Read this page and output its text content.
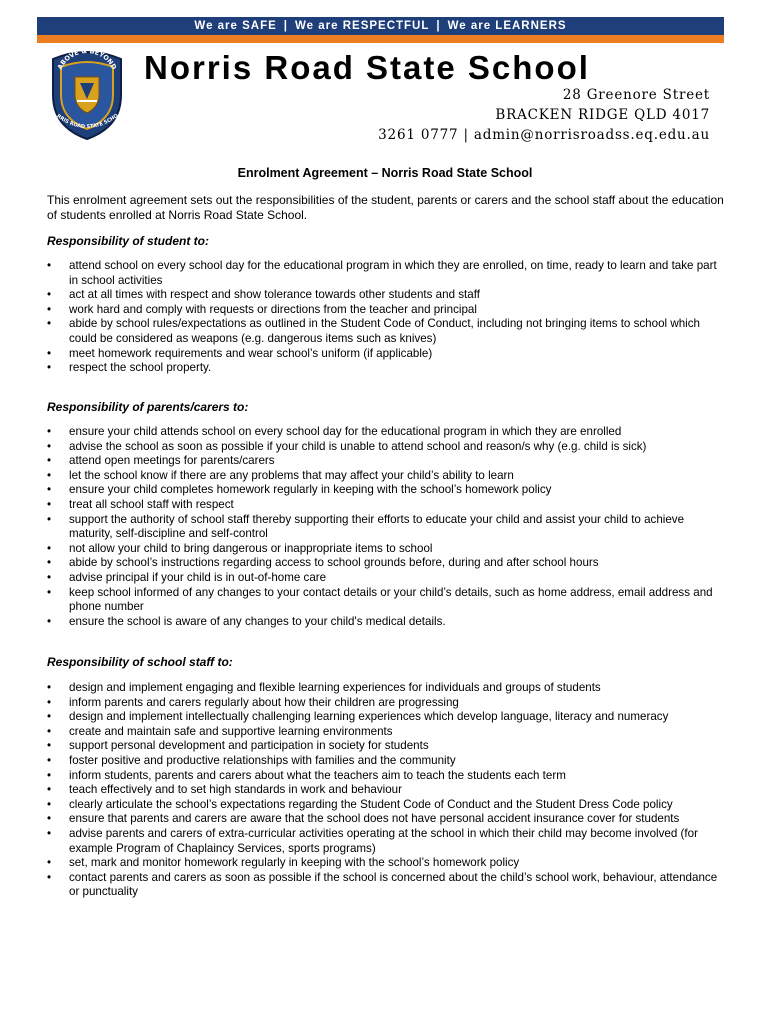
We are SAFE | We are RESPECTFUL | We are LEARNERS
ABOVE & BEYOND
RRIS ROAD STATE SCHO
Norris Road State School
28 Greenore Street
BRACKEN RIDGE QLD 4017
3261 0777 | admin@norrisroadss.eq.edu.au
Enrolment Agreement – Norris Road State School
This enrolment agreement sets out the responsibilities of the student, parents or carers and the school staff about the education of students enrolled at Norris Road State School.
Responsibility of student to:
• attend school on every school day for the educational program in which they are enrolled, on time, ready to learn and take part in school activities
• act at all times with respect and show tolerance towards other students and staff
• work hard and comply with requests or directions from the teacher and principal
• abide by school rules/expectations as outlined in the Student Code of Conduct, including not bringing items to school which could be considered as weapons (e.g. dangerous items such as knives)
• meet homework requirements and wear school’s uniform (if applicable)
• respect the school property.
Responsibility of parents/carers to:
• ensure your child attends school on every school day for the educational program in which they are enrolled
• advise the school as soon as possible if your child is unable to attend school and reason/s why (e.g. child is sick)
• attend open meetings for parents/carers
• let the school know if there are any problems that may affect your child’s ability to learn
• ensure your child completes homework regularly in keeping with the school’s homework policy
• treat all school staff with respect
• support the authority of school staff thereby supporting their efforts to educate your child and assist your child to achieve maturity, self-discipline and self-control
• not allow your child to bring dangerous or inappropriate items to school
• abide by school’s instructions regarding access to school grounds before, during and after school hours
• advise principal if your child is in out-of-home care
• keep school informed of any changes to your contact details or your child’s details, such as home address, email address and phone number
• ensure the school is aware of any changes to your child's medical details.
Responsibility of school staff to:
• design and implement engaging and flexible learning experiences for individuals and groups of students
• inform parents and carers regularly about how their children are progressing
• design and implement intellectually challenging learning experiences which develop language, literacy and numeracy
• create and maintain safe and supportive learning environments
• support personal development and participation in society for students
• foster positive and productive relationships with families and the community
• inform students, parents and carers about what the teachers aim to teach the students each term
• teach effectively and to set high standards in work and behaviour
• clearly articulate the school’s expectations regarding the Student Code of Conduct and the Student Dress Code policy
• ensure that parents and carers are aware that the school does not have personal accident insurance cover for students
• advise parents and carers of extra-curricular activities operating at the school in which their child may become involved (for example Program of Chaplaincy Services, sports programs)
• set, mark and monitor homework regularly in keeping with the school’s homework policy
• contact parents and carers as soon as possible if the school is concerned about the child’s school work, behaviour, attendance or punctuality
